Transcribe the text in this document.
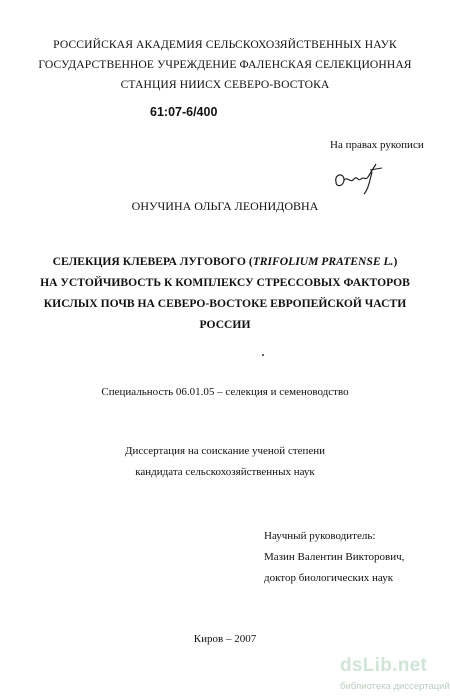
РОССИЙСКАЯ АКАДЕМИЯ СЕЛЬСКОХОЗЯЙСТВЕННЫХ НАУК
ГОСУДАРСТВЕННОЕ УЧРЕЖДЕНИЕ ФАЛЕНСКАЯ СЕЛЕКЦИОННАЯ
СТАНЦИЯ НИИСХ СЕВЕРО-ВОСТОКА
61:07-6/400
На правах рукописи
ОНУЧИНА ОЛЬГА ЛЕОНИДОВНА
СЕЛЕКЦИЯ КЛЕВЕРА ЛУГОВОГО (TRIFOLIUM PRATENSE L.)
НА УСТОЙЧИВОСТЬ К КОМПЛЕКСУ СТРЕССОВЫХ ФАКТОРОВ
КИСЛЫХ ПОЧВ НА СЕВЕРО-ВОСТОКЕ ЕВРОПЕЙСКОЙ ЧАСТИ
РОССИИ
Специальность 06.01.05 – селекция и семеноводство
Диссертация на соискание ученой степени
кандидата сельскохозяйственных наук
Научный руководитель:
Мазин Валентин Викторович,
доктор биологических наук
Киров – 2007
dsLib.net
библиотека диссертаций
